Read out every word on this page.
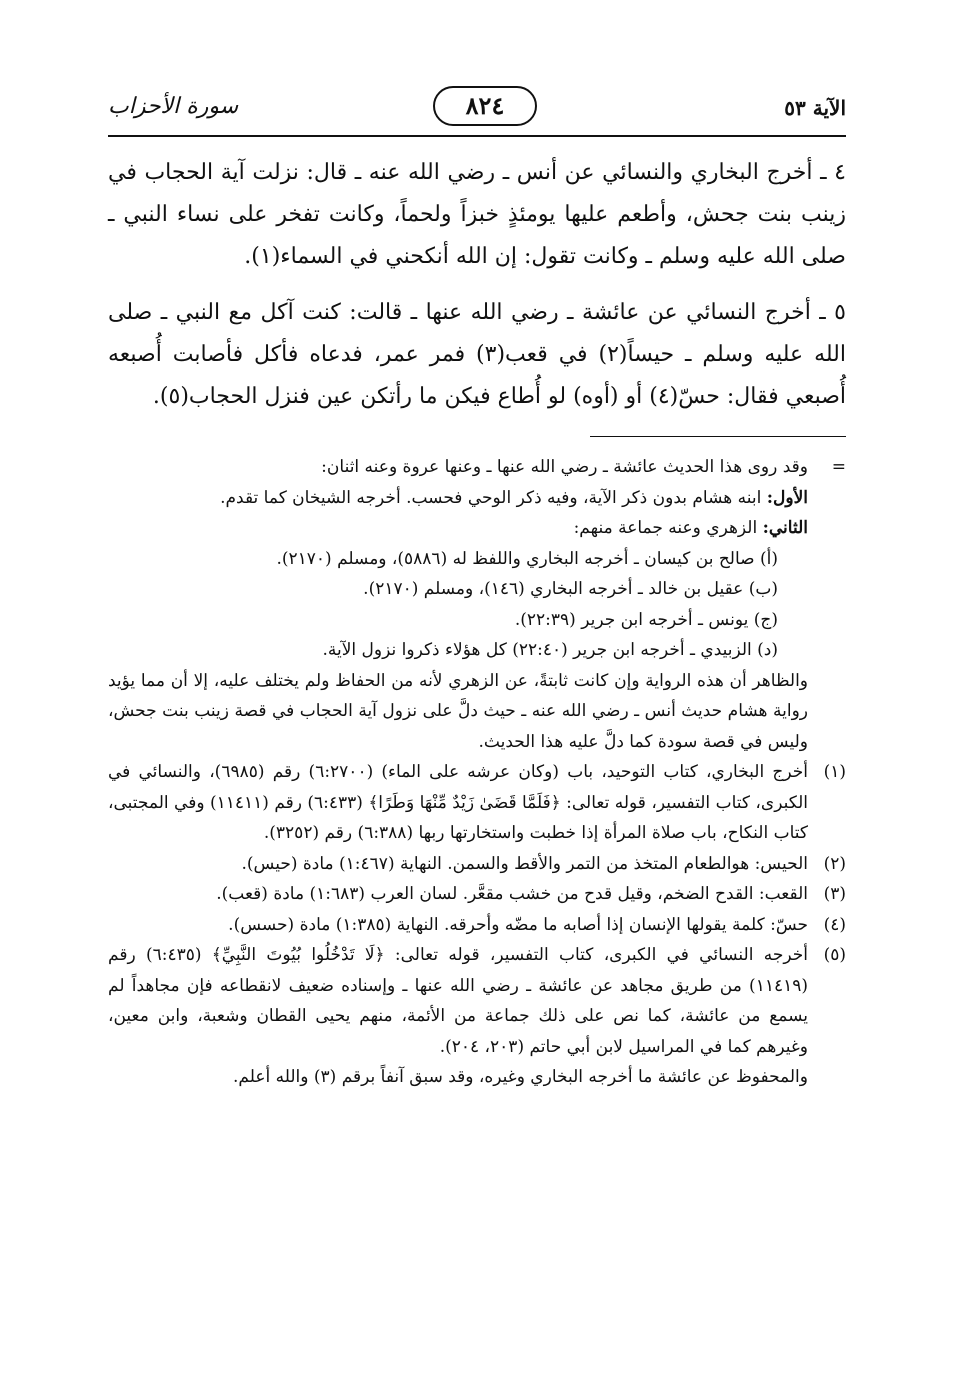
الآية ٥٣
٨٢٤
سورة الأحزاب

٤ ـ أخرج البخاري والنسائي عن أنس ـ رضي الله عنه ـ قال: نزلت آية الحجاب في زينب بنت جحش، وأطعم عليها يومئذٍ خبزاً ولحماً، وكانت تفخر على نساء النبي ـ صلى الله عليه وسلم ـ وكانت تقول: إن الله أنكحني في السماء(١).

٥ ـ أخرج النسائي عن عائشة ـ رضي الله عنها ـ قالت: كنت آكل مع النبي ـ صلى الله عليه وسلم ـ حيساً(٢) في قعب(٣) فمر عمر، فدعاه فأكل فأصابت أُصبعه أُصبعي فقال: حسّ(٤) أو (أوه) لو أُطاع فيكن ما رأتكن عين فنزل الحجاب(٥).

=

وقد روى هذا الحديث عائشة ـ رضي الله عنها ـ وعنها عروة وعنه اثنان:

الأول: ابنه هشام بدون ذكر الآية، وفيه ذكر الوحي فحسب. أخرجه الشيخان كما تقدم.

الثاني: الزهري وعنه جماعة منهم:

(أ) صالح بن كيسان ـ أخرجه البخاري واللفظ له (٥٨٨٦)، ومسلم (٢١٧٠).

(ب) عقيل بن خالد ـ أخرجه البخاري (١٤٦)، ومسلم (٢١٧٠).

(ج) يونس ـ أخرجه ابن جرير (٢٢:٣٩).

(د) الزبيدي ـ أخرجه ابن جرير (٢٢:٤٠) كل هؤلاء ذكروا نزول الآية.

والظاهر أن هذه الرواية وإن كانت ثابتةً، عن الزهري لأنه من الحفاظ ولم يختلف عليه، إلا أن مما يؤيد رواية هشام حديث أنس ـ رضي الله عنه ـ حيث دلَّ على نزول آية الحجاب في قصة زينب بنت جحش، وليس في قصة سودة كما دلَّ عليه هذا الحديث.

(١)
أخرج البخاري، كتاب التوحيد، باب (وكان عرشه على الماء) (٦:٢٧٠٠) رقم (٦٩٨٥)، والنسائي في الكبرى، كتاب التفسير، قوله تعالى: ﴿فَلَمَّا قَضَىٰ زَيْدٌ مِّنْهَا وَطَرًا﴾ (٦:٤٣٣) رقم (١١٤١١) وفي المجتبى، كتاب النكاح، باب صلاة المرأة إذا خطبت واستخارتها ربها (٦:٣٨٨) رقم (٣٢٥٢).
(٢)
الحيس: هوالطعام المتخذ من التمر والأقط والسمن. النهاية (١:٤٦٧) مادة (حيس).
(٣)
القعب: القدح الضخم، وقيل قدح من خشب مقعَّر. لسان العرب (١:٦٨٣) مادة (قعب).
(٤)
حسّ: كلمة يقولها الإنسان إذا أصابه ما مضّه وأحرقه. النهاية (١:٣٨٥) مادة (حسس).
(٥)
أخرجه النسائي في الكبرى، كتاب التفسير، قوله تعالى: ﴿لَا تَدْخُلُوا بُيُوتَ النَّبِيِّ﴾ (٦:٤٣٥) رقم (١١٤١٩) من طريق مجاهد عن عائشة ـ رضي الله عنها ـ وإسناده ضعيف لانقطاعه فإن مجاهداً لم يسمع من عائشة، كما نص على ذلك جماعة من الأئمة، منهم يحيى القطان وشعبة، وابن معين، وغيرهم كما في المراسيل لابن أبي حاتم (٢٠٣، ٢٠٤).
والمحفوظ عن عائشة ما أخرجه البخاري وغيره، وقد سبق آنفاً برقم (٣) والله أعلم.
